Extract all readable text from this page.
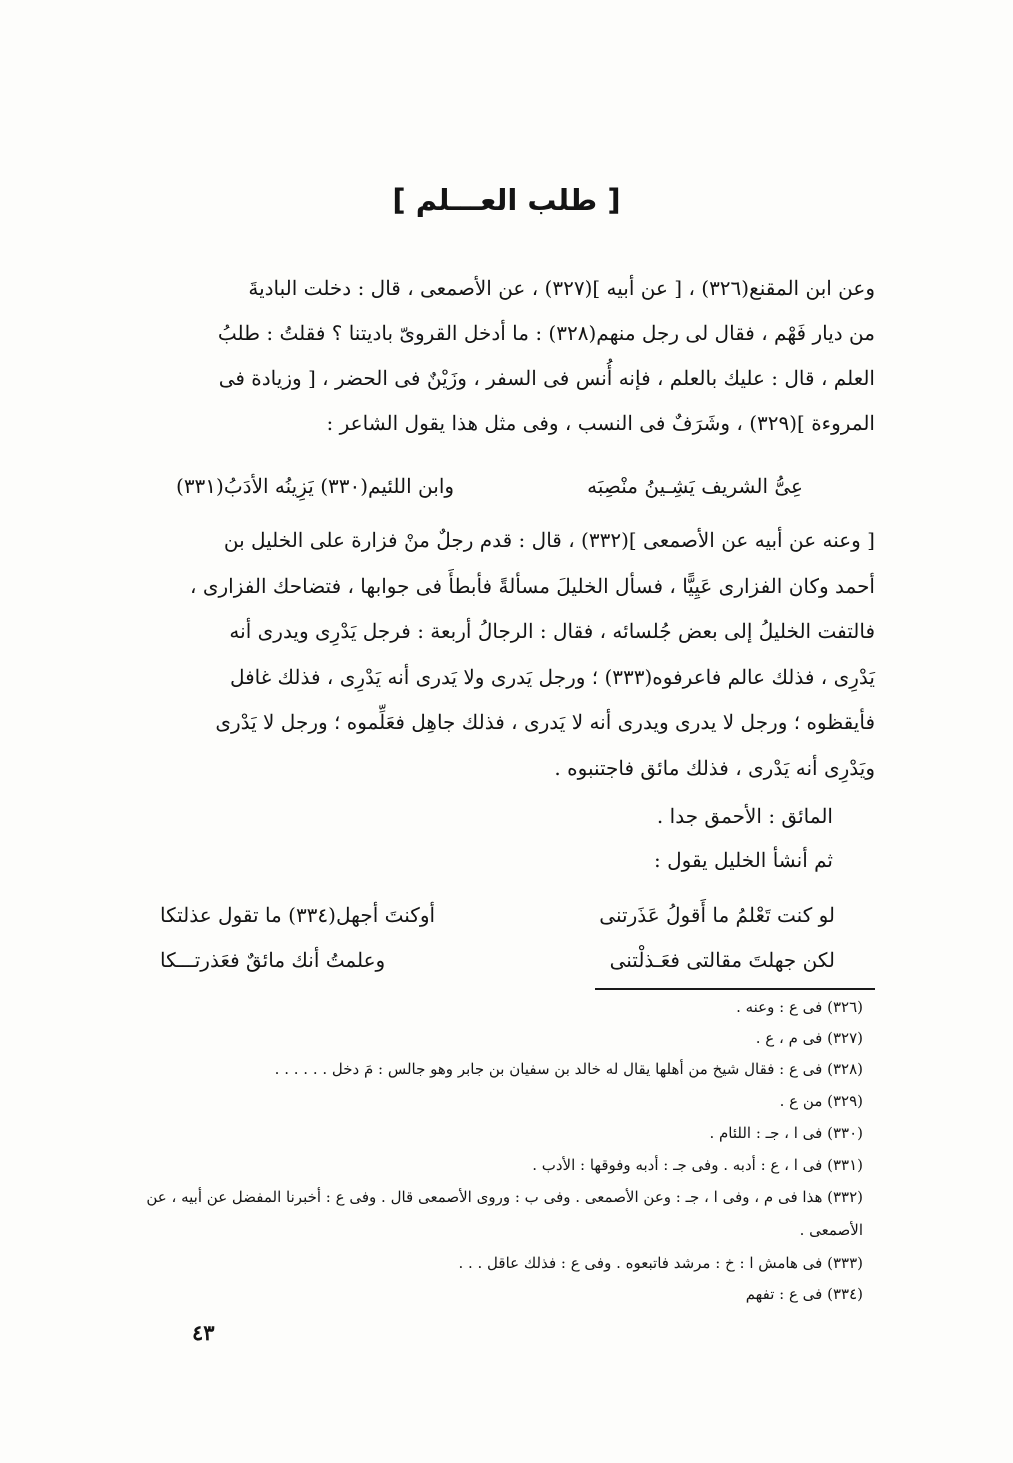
[ طلب العـــلم ]
وعن ابن المقنع(٣٢٦) ، [ عن أبيه ](٣٢٧) ، عن الأصمعى ، قال : دخلت الباديةَ
من ديار فَهْم ، فقال لى رجل منهم(٣٢٨) : ما أدخل القروىّ باديتنا ؟ فقلتُ : طلبُ
العلم ، قال : عليك بالعلم ، فإنه أُنس فى السفر ، وزَيْنٌ فى الحضر ، [ وزيادة فى
المروءة ](٣٢٩) ، وشَرَفٌ فى النسب ، وفى مثل هذا يقول الشاعر :
عِىُّ الشريف يَشِـينُ منْصِبَه
وابن اللئيم(٣٣٠) يَزِينُه الأدَبُ(٣٣١)
[ وعنه عن أبيه عن الأصمعى ](٣٣٢) ، قال : قدم رجلٌ منْ فزارة على الخليل بن
أحمد وكان الفزارى عَيِيًّا ، فسأل الخليلَ مسألةً فأبطأَ فى جوابها ، فتضاحك الفزارى ،
فالتفت الخليلُ إلى بعض جُلسائه ، فقال : الرجالُ أربعة : فرجل يَدْرِى ويدرى أنه
يَدْرِى ، فذلك عالم فاعرفوه(٣٣٣) ؛ ورجل يَدرى ولا يَدرى أنه يَدْرِى ، فذلك غافل
فأيقظوه ؛ ورجل لا يدرى ويدرى أنه لا يَدرى ، فذلك جاهِل فعَلِّموه ؛ ورجل لا يَدْرى
ويَدْرِى أنه يَدْرى ، فذلك مائق فاجتنبوه .
المائق : الأحمق جدا .
ثم أنشأ الخليل يقول :
لو كنت تَعْلمُ ما أَقولُ عَذَرتنى
أوكنتَ أجهل(٣٣٤) ما تقول عذلتكا
لكن جهلتَ مقالتى فعَـذلْتنى
وعلمتُ أنك مائقٌ فعَذرتـــكا
(٣٢٦) فى ع : وعنه .
(٣٢٧) فى م ، ع .
(٣٢٨) فى ع : فقال شيخ من أهلها يقال له خالد بن سفيان بن جابر وهو جالس : مَ دخل . . . . . .
(٣٢٩) من ع .
(٣٣٠) فى ا ، جـ : اللئام .
(٣٣١) فى ا ، ع : أدبه . وفى جـ : أدبه وفوقها : الأدب .
(٣٣٢) هذا فى م ، وفى ا ، جـ : وعن الأصمعى . وفى ب : وروى الأصمعى قال . وفى ع : أخبرنا المفضل عن أبيه ، عن الأصمعى .
(٣٣٣) فى هامش ا : خ : مرشد فاتبعوه . وفى ع : فذلك عاقل . . .
(٣٣٤) فى ع : تفهم
٤٣
